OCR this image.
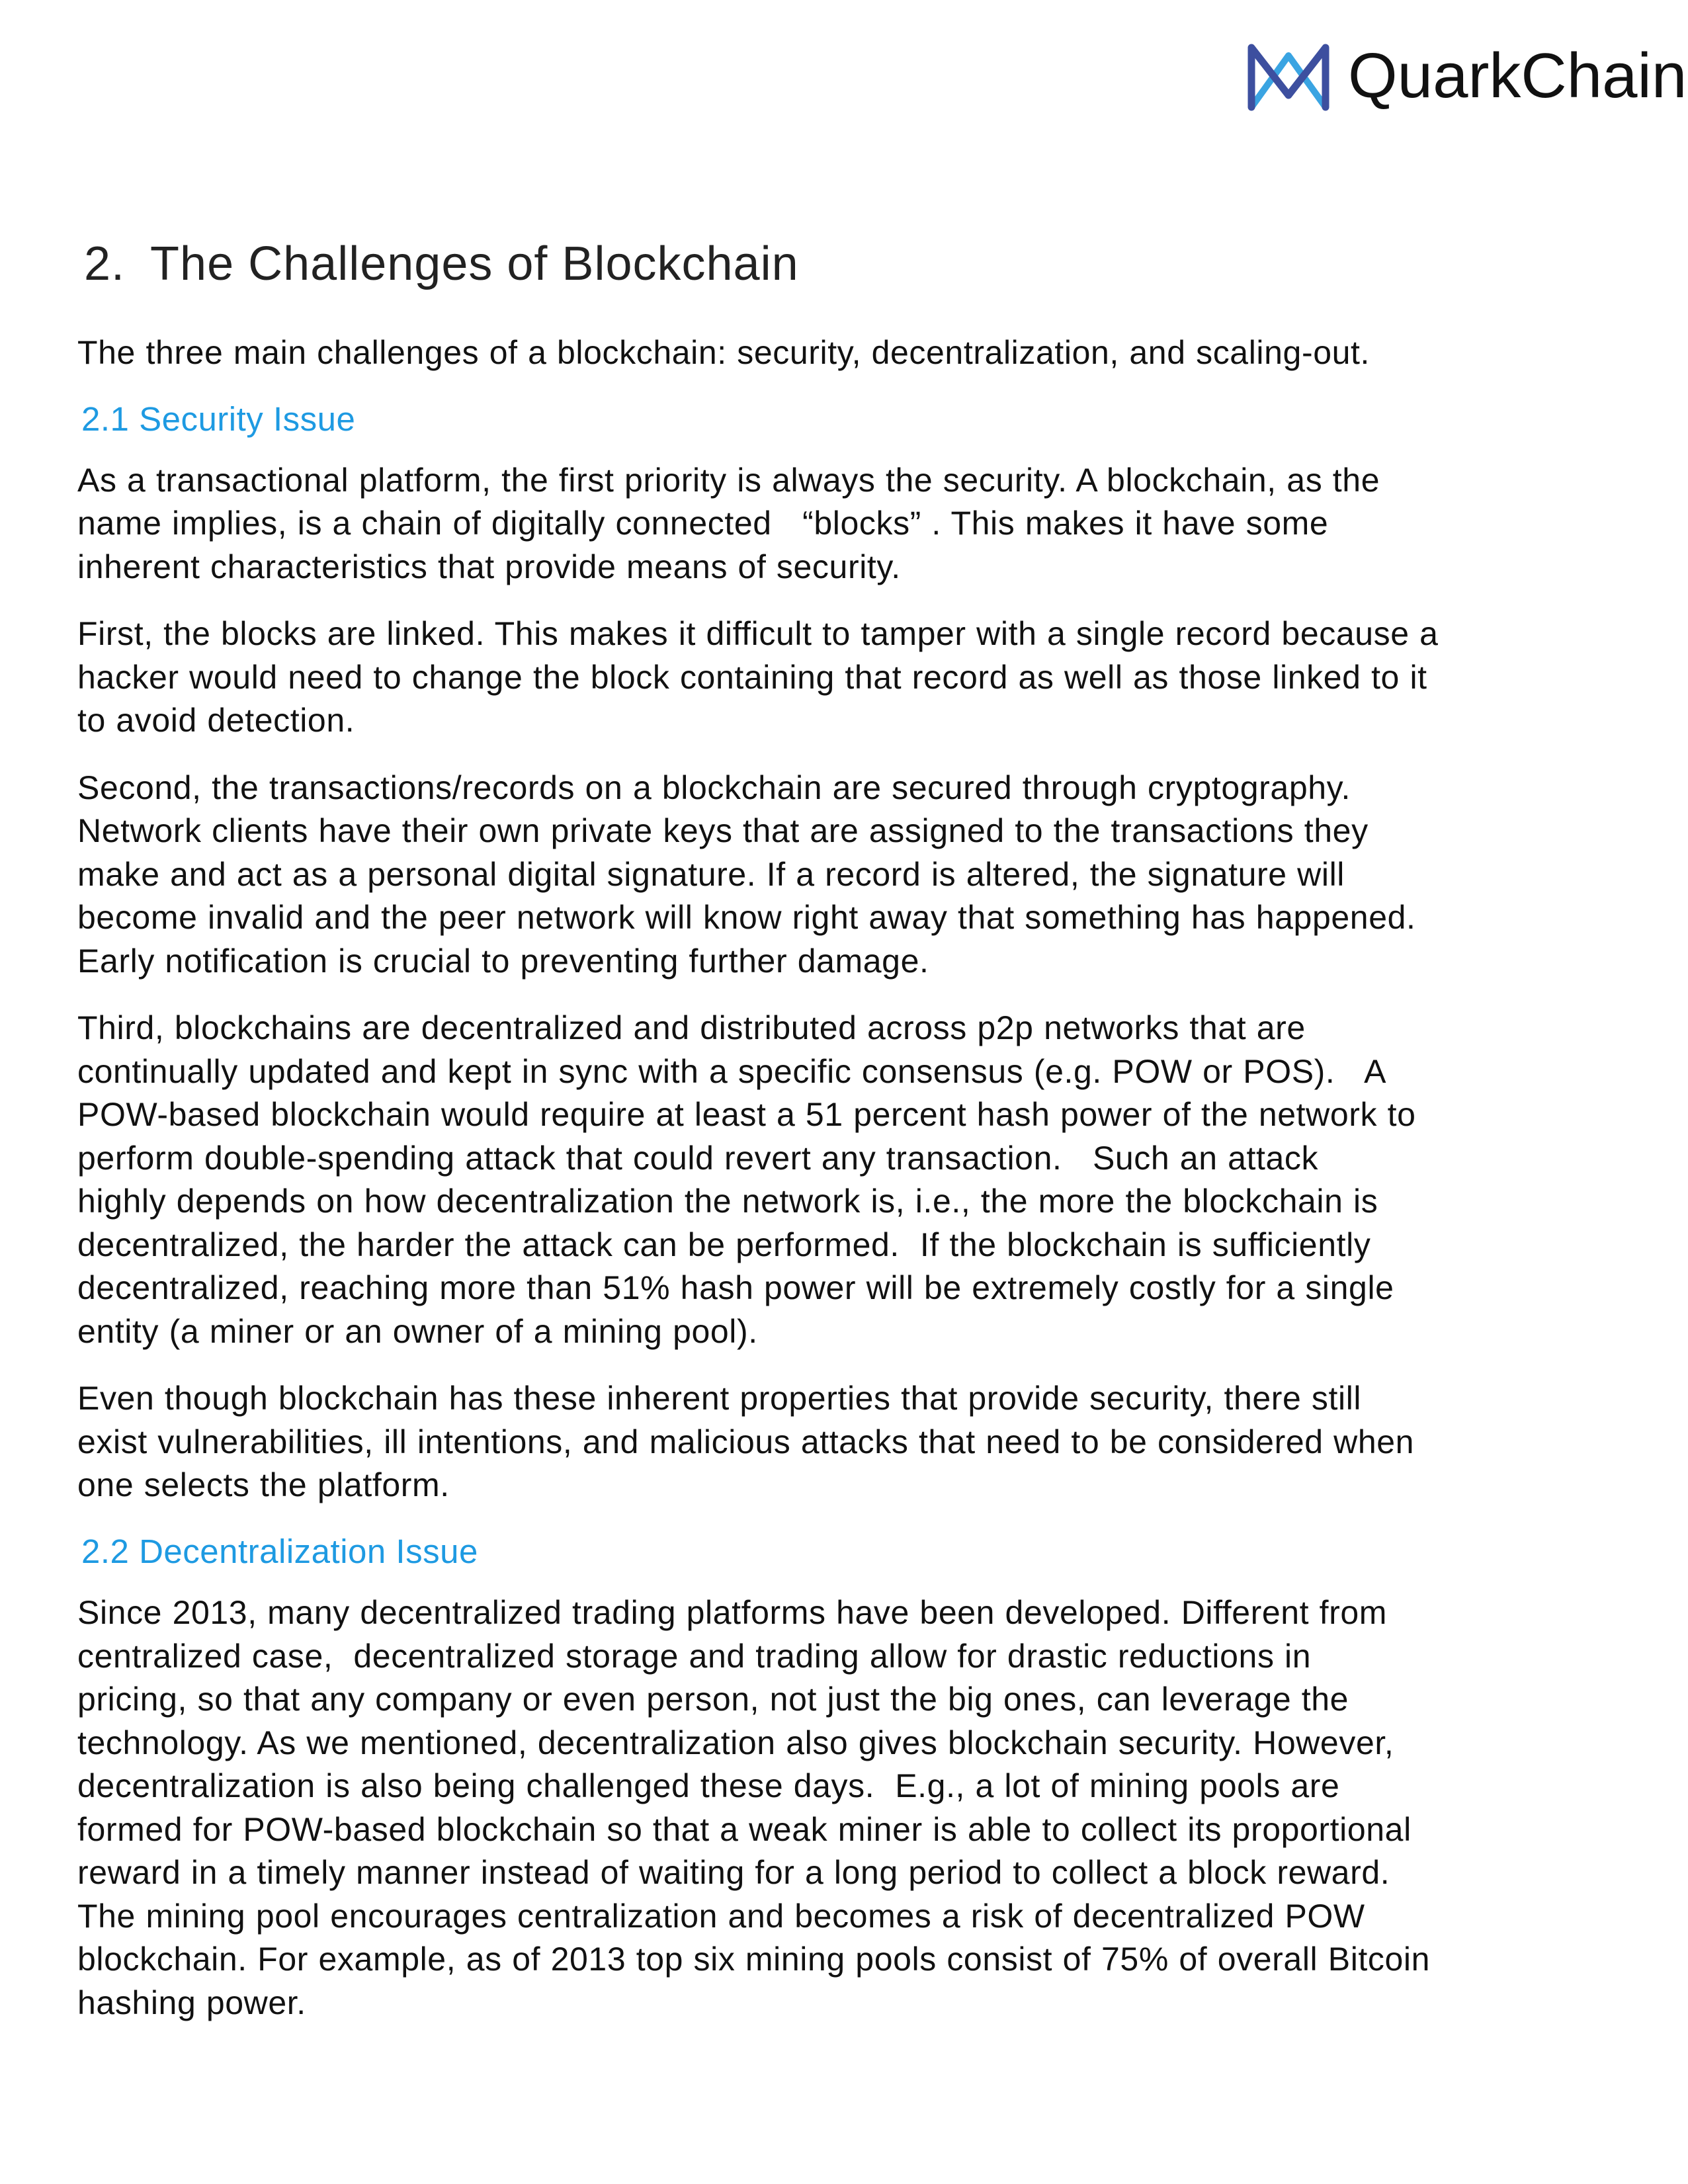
QuarkChain
2. The Challenges of Blockchain

The three main challenges of a blockchain: security, decentralization, and scaling-out.

2.1 Security Issue

As a transactional platform, the first priority is always the security. A blockchain, as the
name implies, is a chain of digitally connected   “blocks” . This makes it have some
inherent characteristics that provide means of security.

First, the blocks are linked. This makes it difficult to tamper with a single record because a
hacker would need to change the block containing that record as well as those linked to it
to avoid detection.

Second, the transactions/records on a blockchain are secured through cryptography.
Network clients have their own private keys that are assigned to the transactions they
make and act as a personal digital signature. If a record is altered, the signature will
become invalid and the peer network will know right away that something has happened.
Early notification is crucial to preventing further damage.

Third, blockchains are decentralized and distributed across p2p networks that are
continually updated and kept in sync with a specific consensus (e.g. POW or POS).   A
POW-based blockchain would require at least a 51 percent hash power of the network to
perform double-spending attack that could revert any transaction.   Such an attack
highly depends on how decentralization the network is, i.e., the more the blockchain is
decentralized, the harder the attack can be performed.  If the blockchain is sufficiently
decentralized, reaching more than 51% hash power will be extremely costly for a single
entity (a miner or an owner of a mining pool).

Even though blockchain has these inherent properties that provide security, there still
exist vulnerabilities, ill intentions, and malicious attacks that need to be considered when
one selects the platform.

2.2 Decentralization Issue

Since 2013, many decentralized trading platforms have been developed. Different from
centralized case,  decentralized storage and trading allow for drastic reductions in
pricing, so that any company or even person, not just the big ones, can leverage the
technology. As we mentioned, decentralization also gives blockchain security. However,
decentralization is also being challenged these days.  E.g., a lot of mining pools are
formed for POW-based blockchain so that a weak miner is able to collect its proportional
reward in a timely manner instead of waiting for a long period to collect a block reward.
The mining pool encourages centralization and becomes a risk of decentralized POW
blockchain. For example, as of 2013 top six mining pools consist of 75% of overall Bitcoin
hashing power.
